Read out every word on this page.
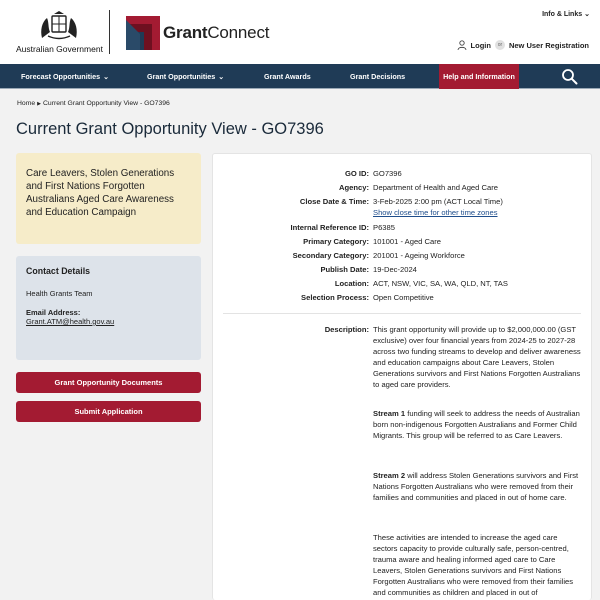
Australian Government
GrantConnect
Info & Links ⌄
Login	or New User Registration
Forecast Opportunities ⌄	Grant Opportunities ⌄	Grant Awards	Grant Decisions	Help and Information
Home ▶ Current Grant Opportunity View - GO7396
Current Grant Opportunity View - GO7396
Care Leavers, Stolen Generations and First Nations Forgotten Australians Aged Care Awareness and Education Campaign
Contact Details
Health Grants Team
Email Address:
Grant.ATM@health.gov.au
Grant Opportunity Documents
Submit Application
GO ID: GO7396
Agency: Department of Health and Aged Care
Close Date & Time: 3-Feb-2025 2:00 pm (ACT Local Time)
Show close time for other time zones
Internal Reference ID: P6385
Primary Category: 101001 - Aged Care
Secondary Category: 201001 - Ageing Workforce
Publish Date: 19-Dec-2024
Location: ACT, NSW, VIC, SA, WA, QLD, NT, TAS
Selection Process: Open Competitive
Description: This grant opportunity will provide up to $2,000,000.00 (GST exclusive) over four financial years from 2024-25 to 2027-28 across two funding streams to develop and deliver awareness and education campaigns about Care Leavers, Stolen Generations survivors and First Nations Forgotten Australians to aged care providers.
Stream 1 funding will seek to address the needs of Australian born non-indigenous Forgotten Australians and Former Child Migrants. This group will be referred to as Care Leavers.
Stream 2 will address Stolen Generations survivors and First Nations Forgotten Australians who were removed from their families and communities and placed in out of home care.
These activities are intended to increase the aged care sectors capacity to provide culturally safe, person-centred, trauma aware and healing informed aged care to Care Leavers, Stolen Generations survivors and First Nations Forgotten Australians who were removed from their families and communities as children and placed in out of
